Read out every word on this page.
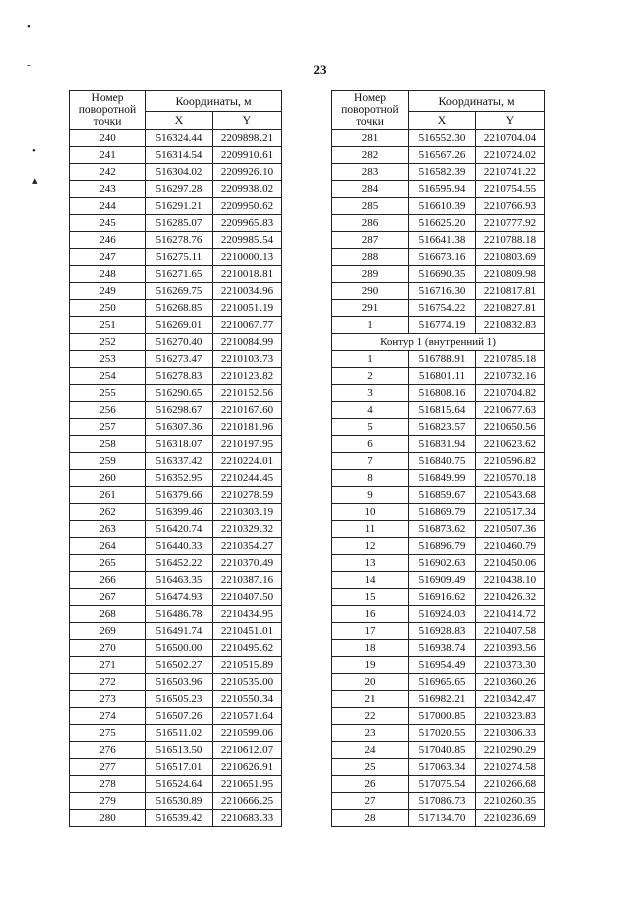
23
•
-
•
▴
Номер поворотной точки	Координаты, м	
	X	Y
240	516324.44	2209898.21
241	516314.54	2209910.61
242	516304.02	2209926.10
243	516297.28	2209938.02
244	516291.21	2209950.62
245	516285.07	2209965.83
246	516278.76	2209985.54
247	516275.11	2210000.13
248	516271.65	2210018.81
249	516269.75	2210034.96
250	516268.85	2210051.19
251	516269.01	2210067.77
252	516270.40	2210084.99
253	516273.47	2210103.73
254	516278.83	2210123.82
255	516290.65	2210152.56
256	516298.67	2210167.60
257	516307.36	2210181.96
258	516318.07	2210197.95
259	516337.42	2210224.01
260	516352.95	2210244.45
261	516379.66	2210278.59
262	516399.46	2210303.19
263	516420.74	2210329.32
264	516440.33	2210354.27
265	516452.22	2210370.49
266	516463.35	2210387.16
267	516474.93	2210407.50
268	516486.78	2210434.95
269	516491.74	2210451.01
270	516500.00	2210495.62
271	516502.27	2210515.89
272	516503.96	2210535.00
273	516505.23	2210550.34
274	516507.26	2210571.64
275	516511.02	2210599.06
276	516513.50	2210612.07
277	516517.01	2210626.91
278	516524.64	2210651.95
279	516530.89	2210666.25
280	516539.42	2210683.33
Номер поворотной точки	Координаты, м	
	X	Y
281	516552.30	2210704.04
282	516567.26	2210724.02
283	516582.39	2210741.22
284	516595.94	2210754.55
285	516610.39	2210766.93
286	516625.20	2210777.92
287	516641.38	2210788.18
288	516673.16	2210803.69
289	516690.35	2210809.98
290	516716.30	2210817.81
291	516754.22	2210827.81
1	516774.19	2210832.83
Контур 1 (внутренний 1)		
1	516788.91	2210785.18
2	516801.11	2210732.16
3	516808.16	2210704.82
4	516815.64	2210677.63
5	516823.57	2210650.56
6	516831.94	2210623.62
7	516840.75	2210596.82
8	516849.99	2210570.18
9	516859.67	2210543.68
10	516869.79	2210517.34
11	516873.62	2210507.36
12	516896.79	2210460.79
13	516902.63	2210450.06
14	516909.49	2210438.10
15	516916.62	2210426.32
16	516924.03	2210414.72
17	516928.83	2210407.58
18	516938.74	2210393.56
19	516954.49	2210373.30
20	516965.65	2210360.26
21	516982.21	2210342.47
22	517000.85	2210323.83
23	517020.55	2210306.33
24	517040.85	2210290.29
25	517063.34	2210274.58
26	517075.54	2210266.68
27	517086.73	2210260.35
28	517134.70	2210236.69
